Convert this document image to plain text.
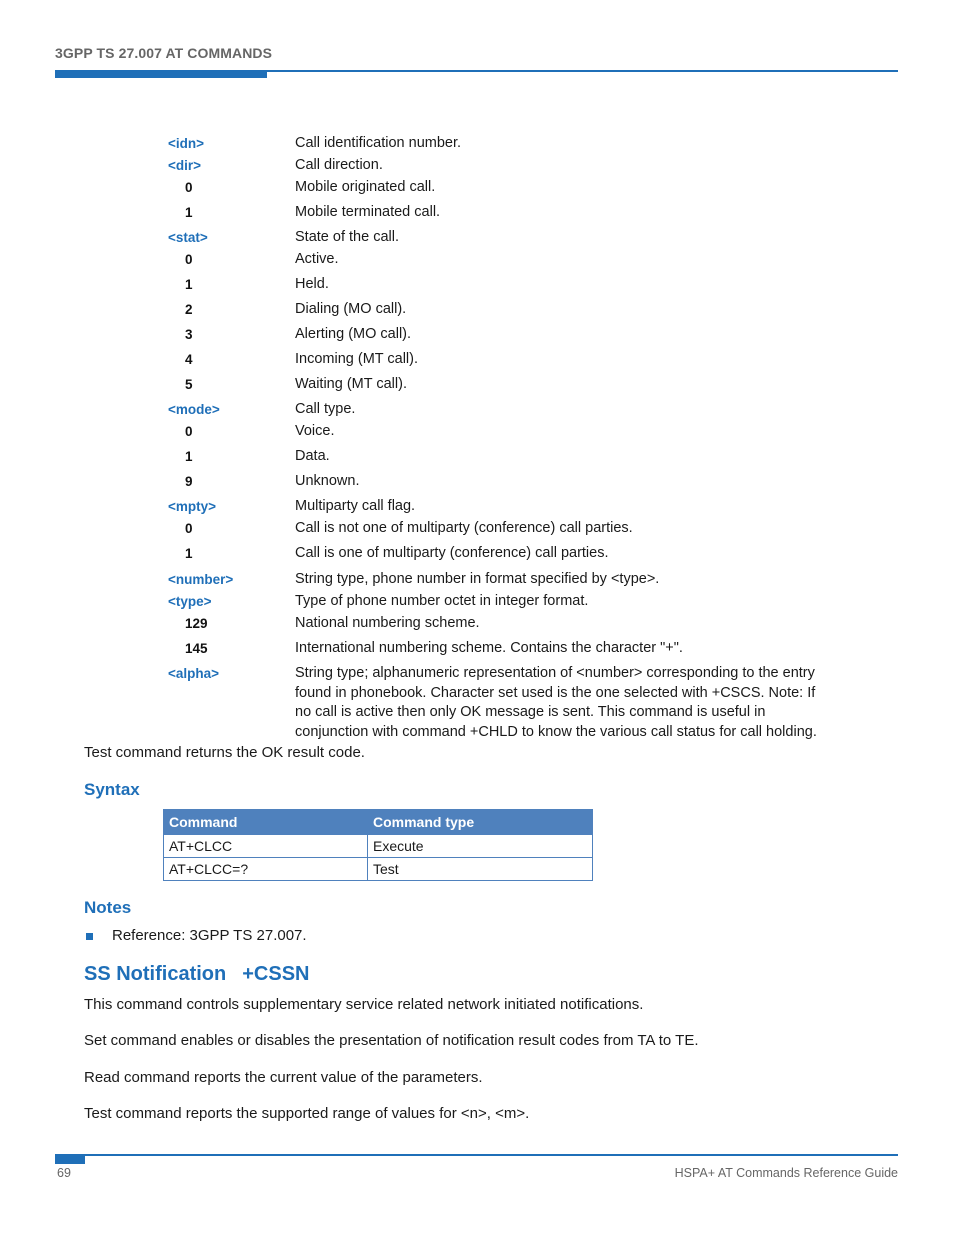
3GPP TS 27.007 AT COMMANDS
<idn>	Call identification number.
<dir>	Call direction.
0	Mobile originated call.
1	Mobile terminated call.
<stat>	State of the call.
0	Active.
1	Held.
2	Dialing (MO call).
3	Alerting (MO call).
4	Incoming (MT call).
5	Waiting (MT call).
<mode>	Call type.
0	Voice.
1	Data.
9	Unknown.
<mpty>	Multiparty call flag.
0	Call is not one of multiparty (conference) call parties.
1	Call is one of multiparty (conference) call parties.
<number>	String type, phone number in format specified by <type>.
<type>	Type of phone number octet in integer format.
129	National numbering scheme.
145	International numbering scheme. Contains the character "+".
<alpha>	String type; alphanumeric representation of <number> corresponding to the entry found in phonebook. Character set used is the one selected with +CSCS. Note: If no call is active then only OK message is sent. This command is useful in conjunction with command +CHLD to know the various call status for call holding.
Test command returns the OK result code.
Syntax
Command	Command type
AT+CLCC	Execute
AT+CLCC=?	Test
Notes
Reference: 3GPP TS 27.007.
SS Notification +CSSN
This command controls supplementary service related network initiated notifications.
Set command enables or disables the presentation of notification result codes from TA to TE.
Read command reports the current value of the parameters.
Test command reports the supported range of values for <n>, <m>.
69	HSPA+ AT Commands Reference Guide
